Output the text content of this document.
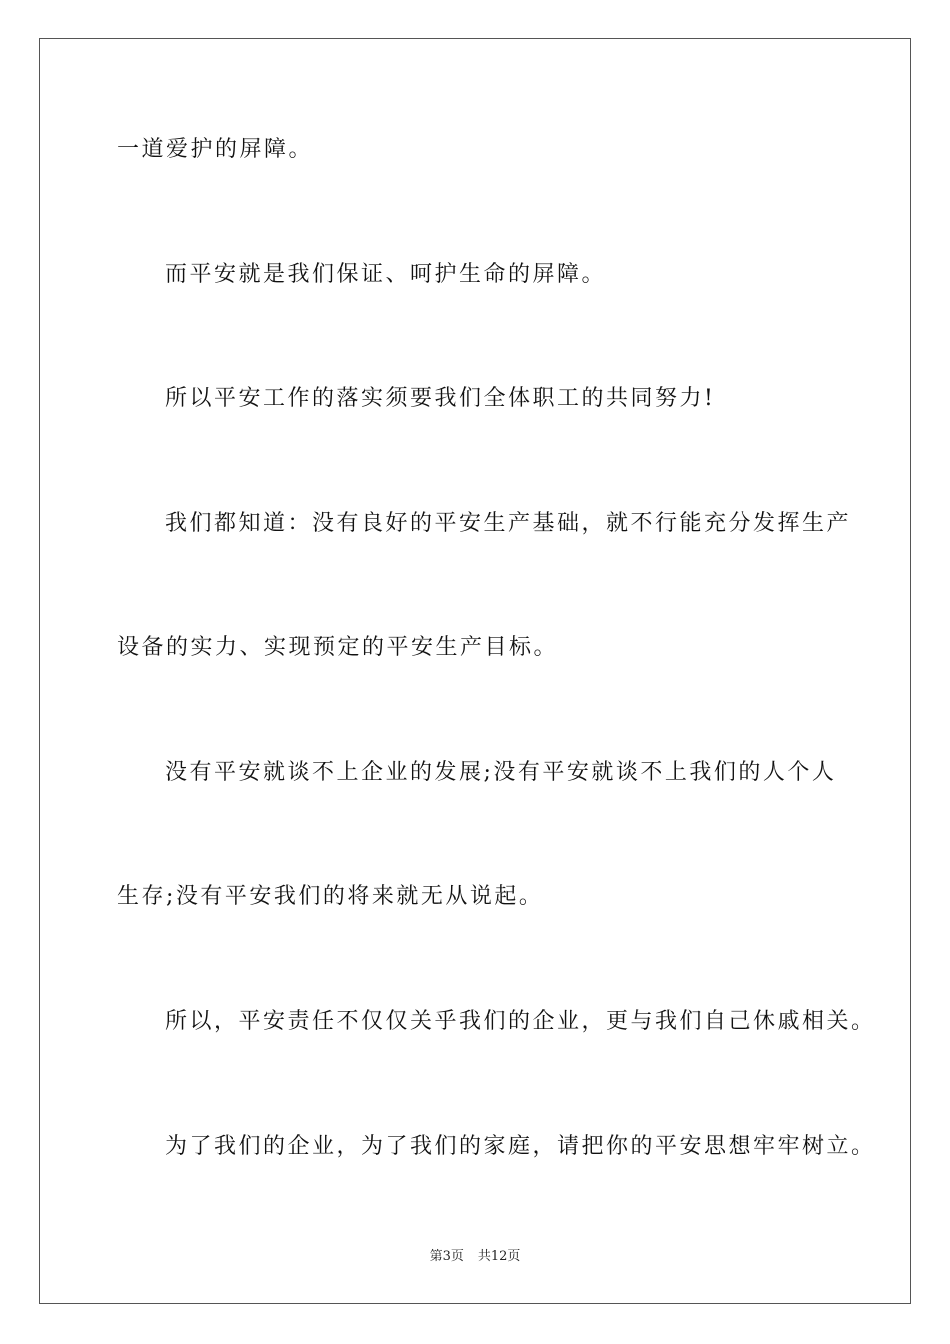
一道爱护的屏障。
而平安就是我们保证、呵护生命的屏障。
所以平安工作的落实须要我们全体职工的共同努力!
我们都知道：没有良好的平安生产基础，就不行能充分发挥生产
设备的实力、实现预定的平安生产目标。
没有平安就谈不上企业的发展;没有平安就谈不上我们的人个人
生存;没有平安我们的将来就无从说起。
所以，平安责任不仅仅关乎我们的企业，更与我们自己休戚相关。
为了我们的企业，为了我们的家庭，请把你的平安思想牢牢树立。
第3页 共12页
